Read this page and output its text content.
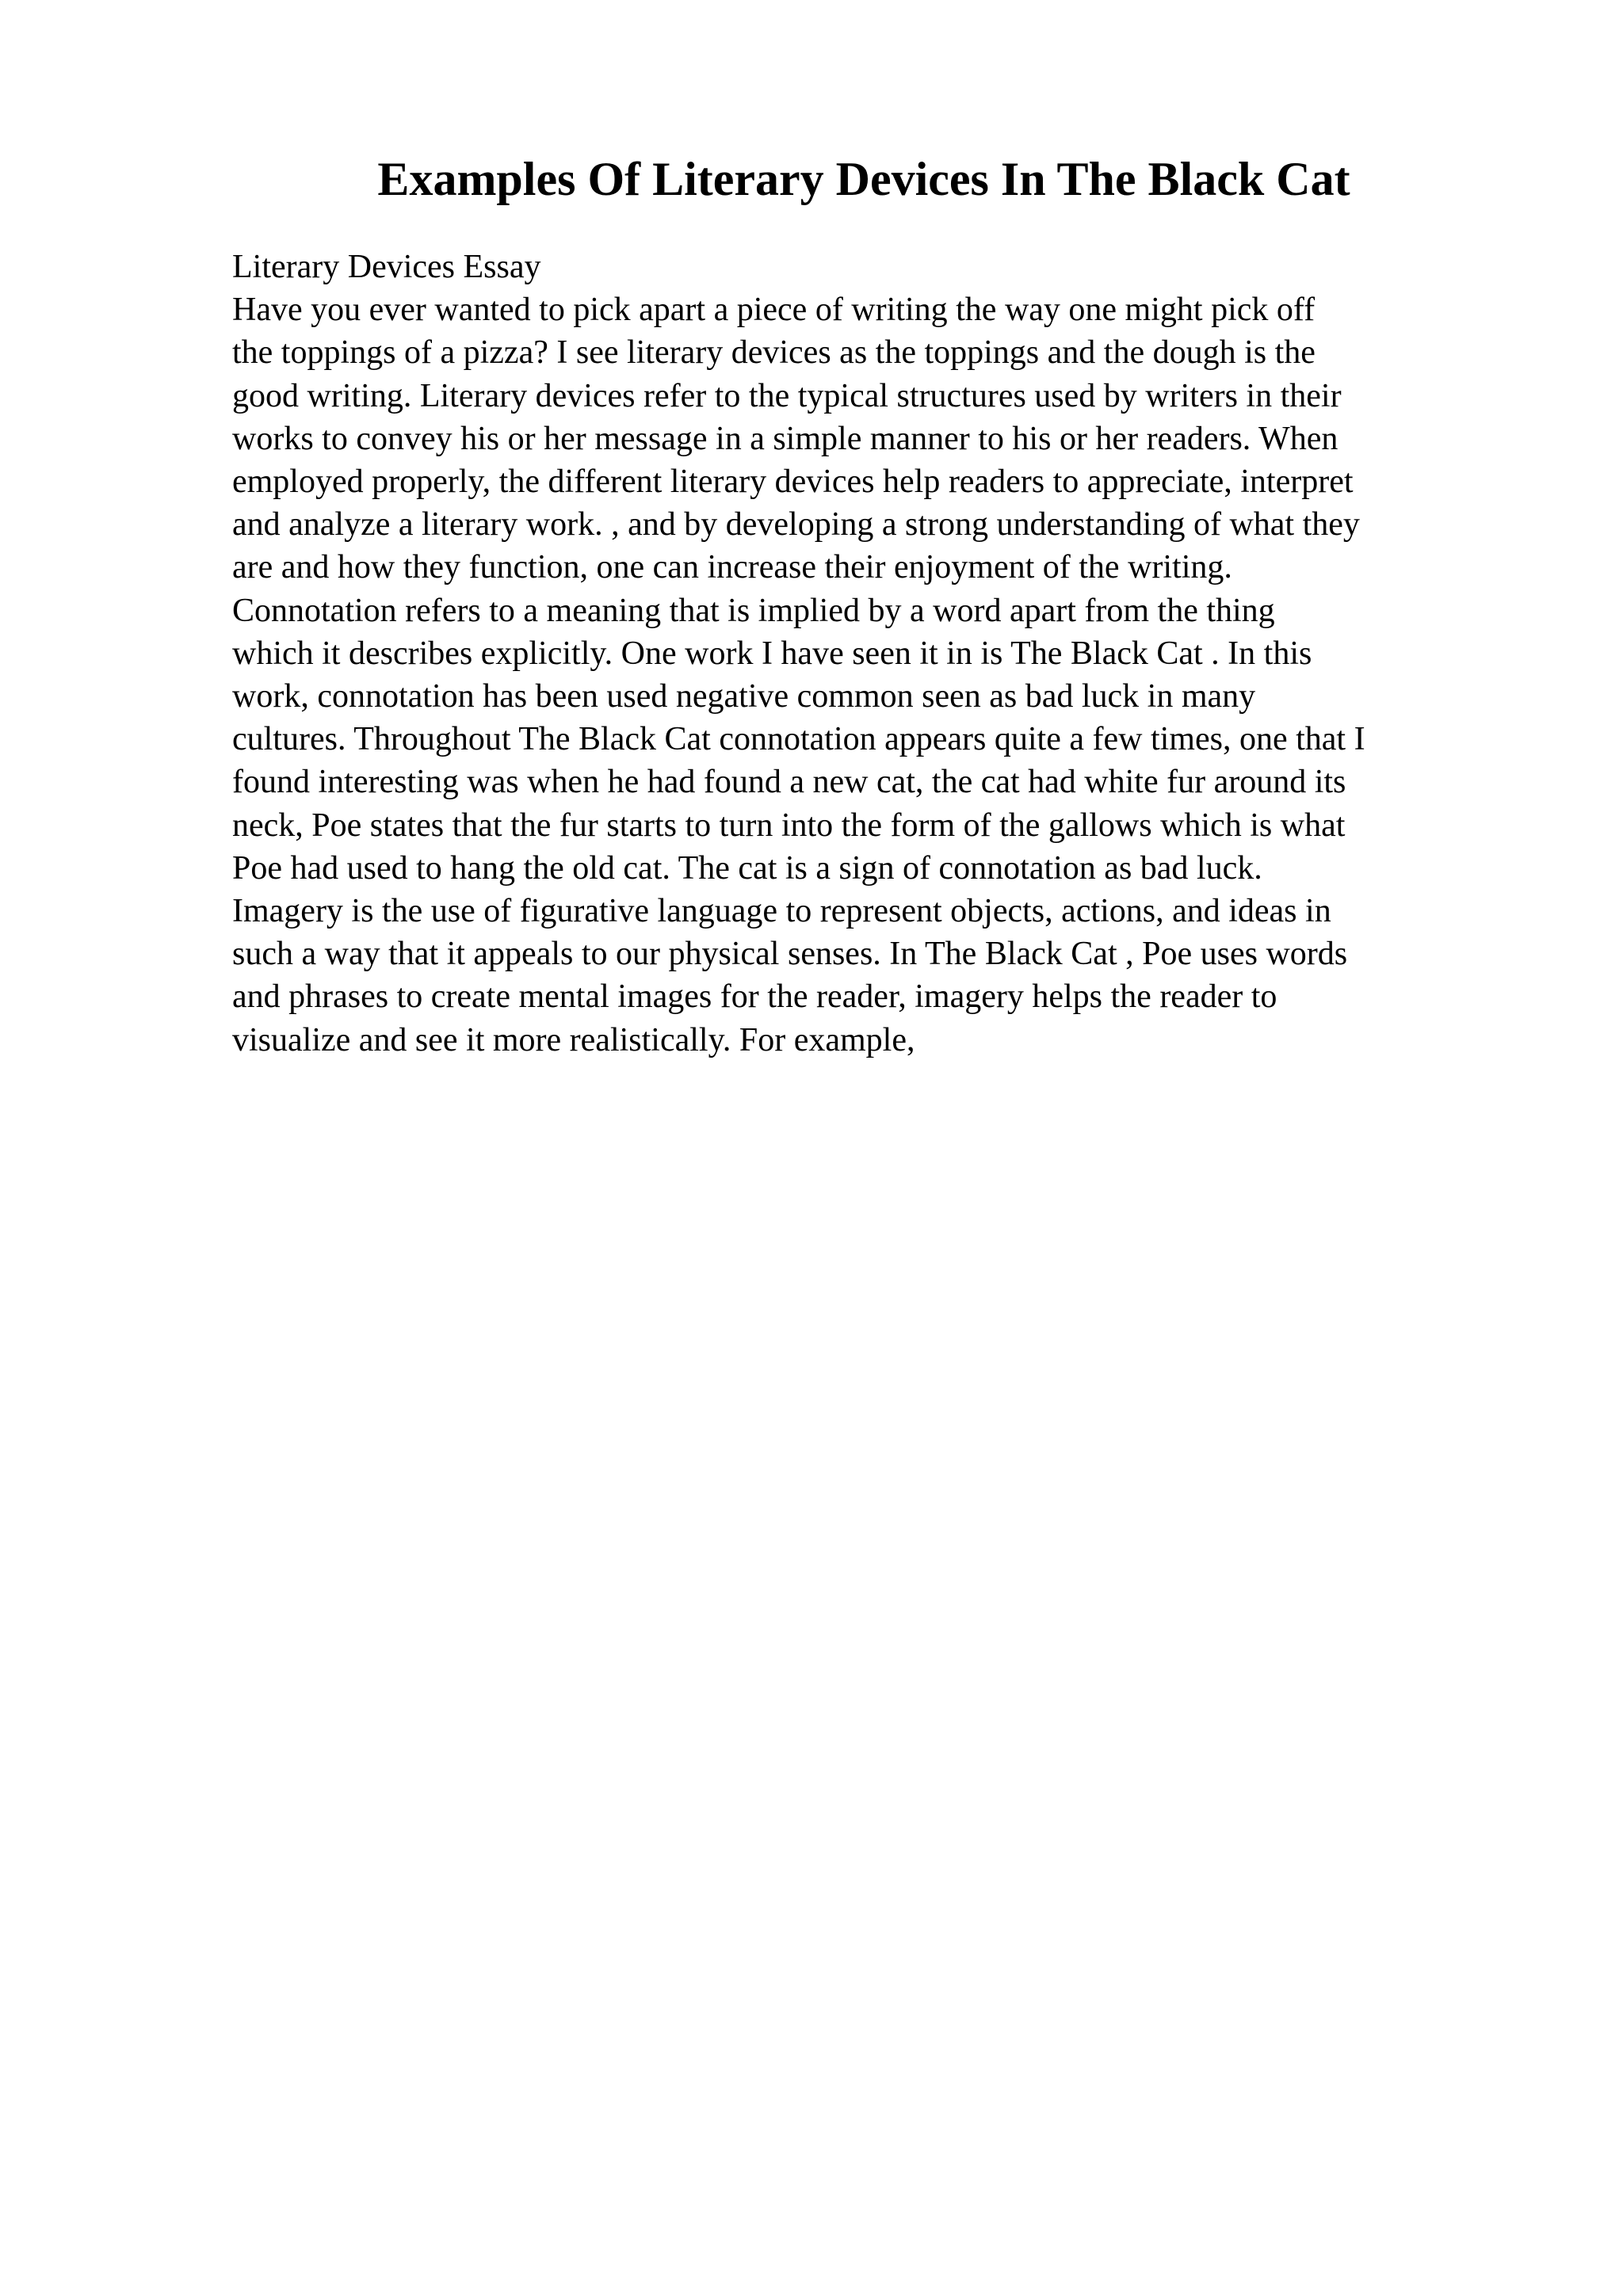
Examples Of Literary Devices In The Black Cat
Literary Devices Essay
Have you ever wanted to pick apart a piece of writing the way one might pick off
the toppings of a pizza? I see literary devices as the toppings and the dough is the
good writing. Literary devices refer to the typical structures used by writers in their
works to convey his or her message in a simple manner to his or her readers. When
employed properly, the different literary devices help readers to appreciate, interpret
and analyze a literary work. , and by developing a strong understanding of what they
are and how they function, one can increase their enjoyment of the writing.
Connotation refers to a meaning that is implied by a word apart from the thing
which it describes explicitly. One work I have seen it in is The Black Cat . In this
work, connotation has been used negative common seen as bad luck in many
cultures. Throughout The Black Cat connotation appears quite a few times, one that I
found interesting was when he had found a new cat, the cat had white fur around its
neck, Poe states that the fur starts to turn into the form of the gallows which is what
Poe had used to hang the old cat. The cat is a sign of connotation as bad luck.
Imagery is the use of figurative language to represent objects, actions, and ideas in
such a way that it appeals to our physical senses. In The Black Cat , Poe uses words
and phrases to create mental images for the reader, imagery helps the reader to
visualize and see it more realistically. For example,
